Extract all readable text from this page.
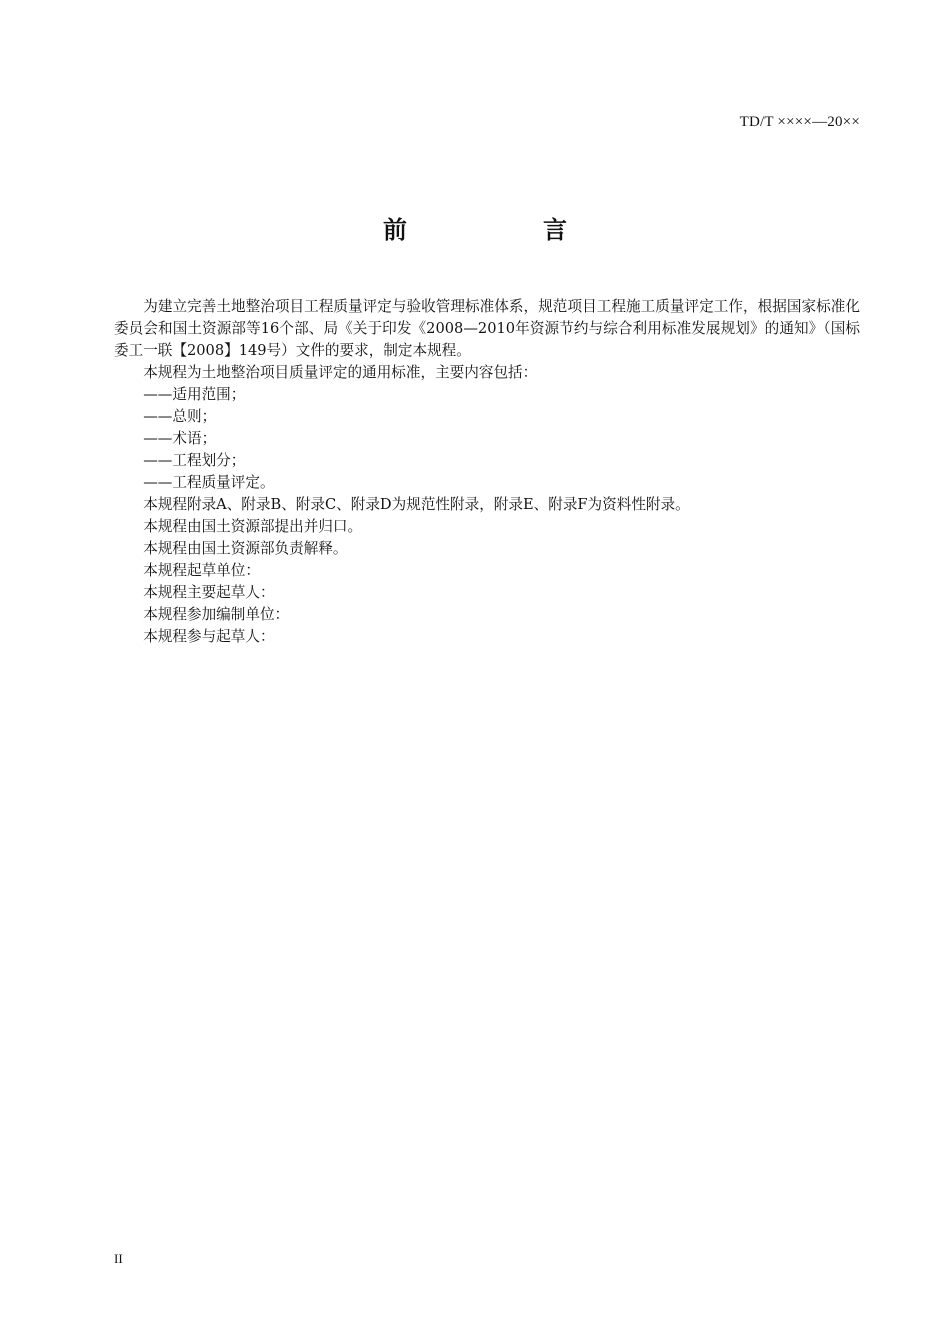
TD/T ××××—20××
前　言

为建立完善土地整治项目工程质量评定与验收管理标准体系，规范项目工程施工质量评定工作，根据国家标准化委员会和国土资源部等16个部、局《关于印发《2008—2010年资源节约与综合利用标准发展规划》的通知》（国标委工一联【2008】149号）文件的要求，制定本规程。

本规程为土地整治项目质量评定的通用标准，主要内容包括：

——适用范围；

——总则；

——术语；

——工程划分；

——工程质量评定。

本规程附录A、附录B、附录C、附录D为规范性附录，附录E、附录F为资料性附录。

本规程由国土资源部提出并归口。

本规程由国土资源部负责解释。

本规程起草单位：

本规程主要起草人：

本规程参加编制单位：

本规程参与起草人：

II
